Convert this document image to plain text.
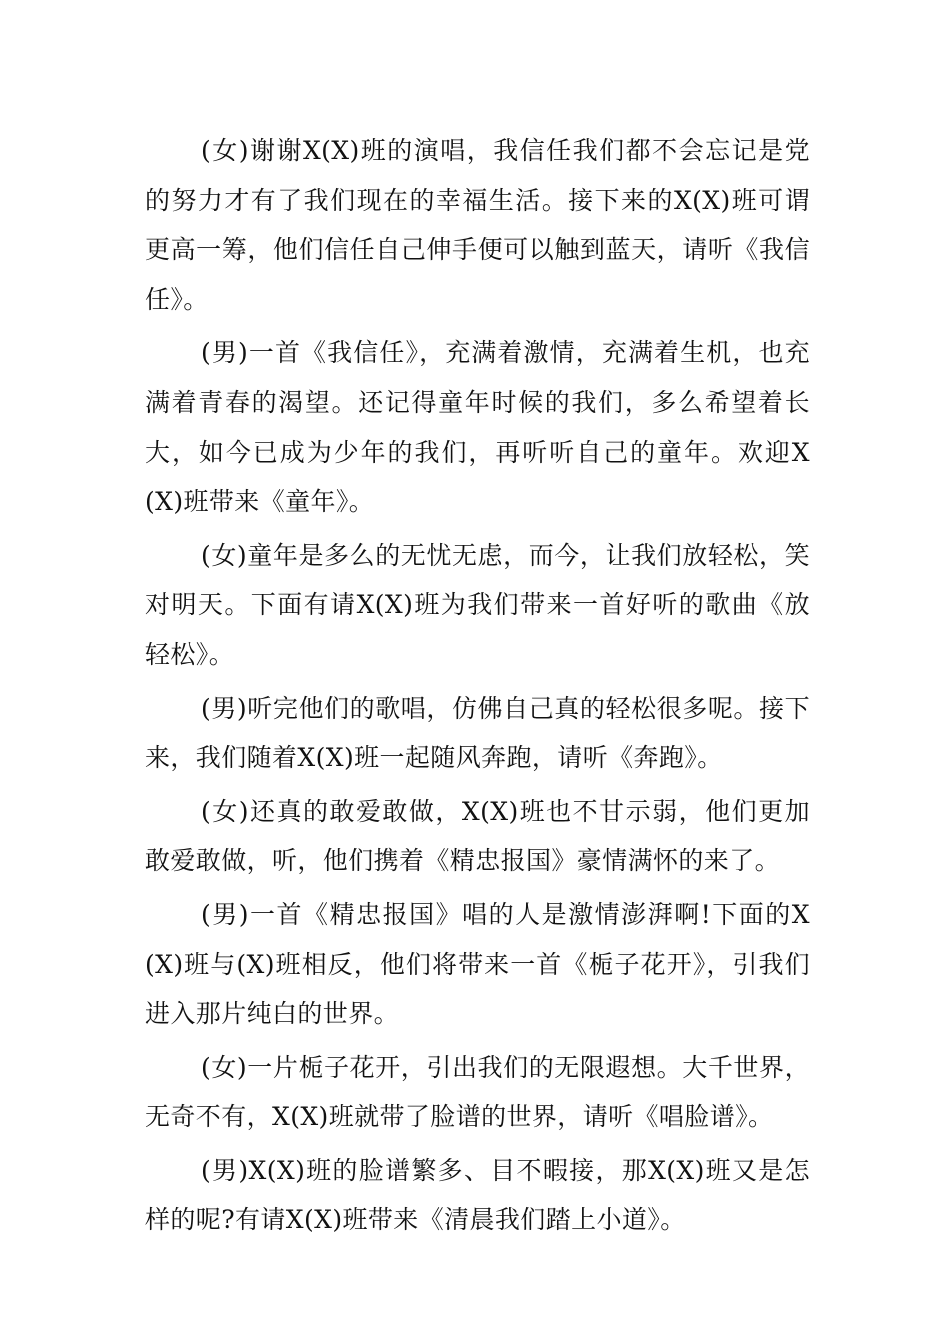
(女)谢谢X(X)班的演唱，我信任我们都不会忘记是党的努力才有了我们现在的幸福生活。接下来的X(X)班可谓更高一筹，他们信任自己伸手便可以触到蓝天，请听《我信任》。

(男)一首《我信任》，充满着激情，充满着生机，也充满着青春的渴望。还记得童年时候的我们，多么希望着长大，如今已成为少年的我们，再听听自己的童年。欢迎X(X)班带来《童年》。

(女)童年是多么的无忧无虑，而今，让我们放轻松，笑对明天。下面有请X(X)班为我们带来一首好听的歌曲《放轻松》。

(男)听完他们的歌唱，仿佛自己真的轻松很多呢。接下来，我们随着X(X)班一起随风奔跑，请听《奔跑》。

(女)还真的敢爱敢做，X(X)班也不甘示弱，他们更加敢爱敢做，听，他们携着《精忠报国》豪情满怀的来了。

(男)一首《精忠报国》唱的人是激情澎湃啊!下面的X(X)班与(X)班相反，他们将带来一首《栀子花开》，引我们进入那片纯白的世界。

(女)一片栀子花开，引出我们的无限遐想。大千世界，无奇不有，X(X)班就带了脸谱的世界，请听《唱脸谱》。

(男)X(X)班的脸谱繁多、目不暇接，那X(X)班又是怎样的呢?有请X(X)班带来《清晨我们踏上小道》。
